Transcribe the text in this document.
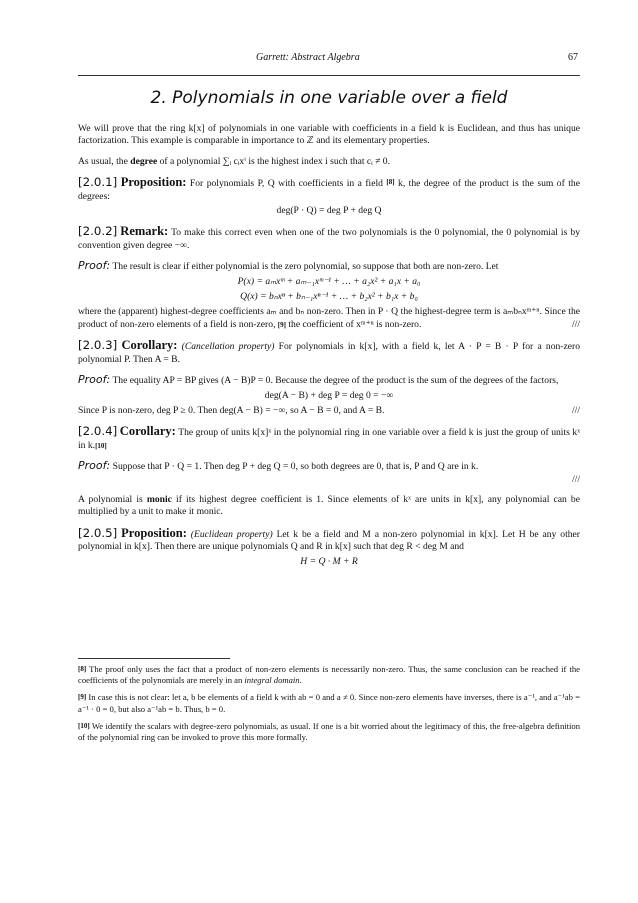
Garrett: Abstract Algebra	67
2. Polynomials in one variable over a field

We will prove that the ring k[x] of polynomials in one variable with coefficients in a field k is Euclidean, and thus has unique factorization. This example is comparable in importance to ℤ and its elementary properties.

As usual, the degree of a polynomial ∑ᵢ cᵢxⁱ is the highest index i such that cᵢ ≠ 0.

[2.0.1] Proposition: For polynomials P, Q with coefficients in a field [8] k, the degree of the product is the sum of the degrees:
deg(P · Q) = deg P + deg Q

[2.0.2] Remark: To make this correct even when one of the two polynomials is the 0 polynomial, the 0 polynomial is by convention given degree −∞.

Proof: The result is clear if either polynomial is the zero polynomial, so suppose that both are non-zero. Let
P(x) = aₘxᵐ + aₘ₋₁xᵐ⁻¹ + … + a₂x² + a₁x + a₀
Q(x) = bₙxⁿ + bₙ₋₁xⁿ⁻¹ + … + b₂x² + b₁x + b₀
where the (apparent) highest-degree coefficients aₘ and bₙ non-zero. Then in P · Q the highest-degree term is aₘbₙxᵐ⁺ⁿ. Since the product of non-zero elements of a field is non-zero, [9] the coefficient of xᵐ⁺ⁿ is non-zero.	///

[2.0.3] Corollary: (Cancellation property) For polynomials in k[x], with a field k, let A · P = B · P for a non-zero polynomial P. Then A = B.

Proof: The equality AP = BP gives (A − B)P = 0. Because the degree of the product is the sum of the degrees of the factors,
deg(A − B) + deg P = deg 0 = −∞
Since P is non-zero, deg P ≥ 0. Then deg(A − B) = −∞, so A − B = 0, and A = B.	///

[2.0.4] Corollary: The group of units k[x]ˣ in the polynomial ring in one variable over a field k is just the group of units kˣ in k.[10]

Proof: Suppose that P · Q = 1. Then deg P + deg Q = 0, so both degrees are 0, that is, P and Q are in k.
///

A polynomial is monic if its highest degree coefficient is 1. Since elements of kˣ are units in k[x], any polynomial can be multiplied by a unit to make it monic.

[2.0.5] Proposition: (Euclidean property) Let k be a field and M a non-zero polynomial in k[x]. Let H be any other polynomial in k[x]. Then there are unique polynomials Q and R in k[x] such that deg R < deg M and
H = Q · M + R

[8] The proof only uses the fact that a product of non-zero elements is necessarily non-zero. Thus, the same conclusion can be reached if the coefficients of the polynomials are merely in an integral domain.

[9] In case this is not clear: let a, b be elements of a field k with ab = 0 and a ≠ 0. Since non-zero elements have inverses, there is a⁻¹, and a⁻¹ab = a⁻¹ · 0 = 0, but also a⁻¹ab = b. Thus, b = 0.

[10] We identify the scalars with degree-zero polynomials, as usual. If one is a bit worried about the legitimacy of this, the free-algebra definition of the polynomial ring can be invoked to prove this more formally.
